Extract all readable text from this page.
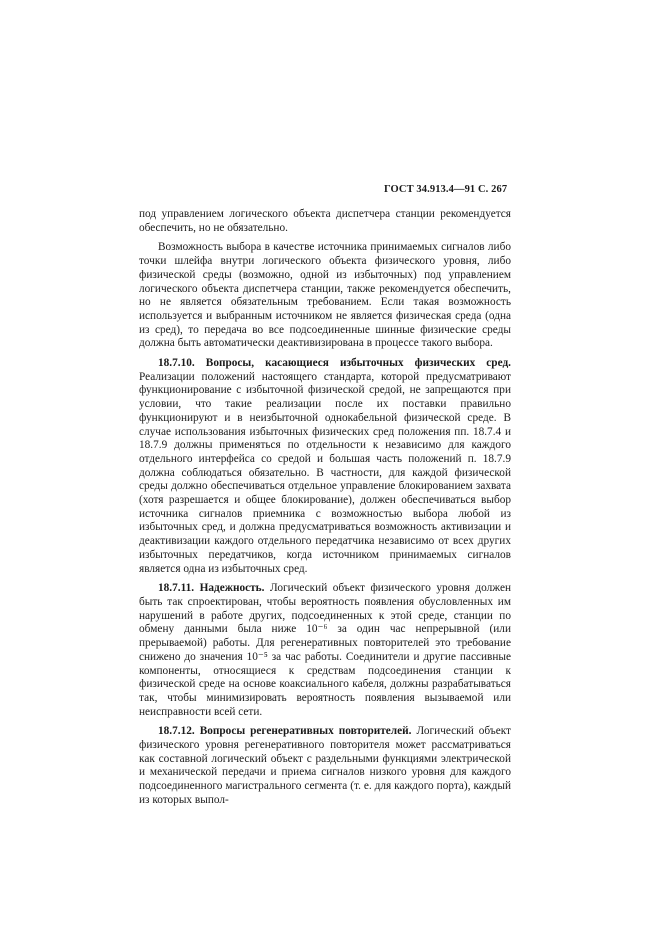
ГОСТ 34.913.4—91 С. 267

под управлением логического объекта диспетчера станции рекомендуется обеспечить, но не обязательно.

Возможность выбора в качестве источника принимаемых сигналов либо точки шлейфа внутри логического объекта физического уровня, либо физической среды (возможно, одной из избыточных) под управлением логического объекта диспетчера станции, также рекомендуется обеспечить, но не является обязательным требованием. Если такая возможность используется и выбранным источником не является физическая среда (одна из сред), то передача во все подсоединенные шинные физические среды должна быть автоматически деактивизирована в процессе такого выбора.

18.7.10. Вопросы, касающиеся избыточных физических сред. Реализации положений настоящего стандарта, которой предусматривают функционирование с избыточной физической средой, не запрещаются при условии, что такие реализации после их поставки правильно функционируют и в неизбыточной однокабельной физической среде. В случае использования избыточных физических сред положения пп. 18.7.4 и 18.7.9 должны применяться по отдельности к независимо для каждого отдельного интерфейса со средой и большая часть положений п. 18.7.9 должна соблюдаться обязательно. В частности, для каждой физической среды должно обеспечиваться отдельное управление блокированием захвата (хотя разрешается и общее блокирование), должен обеспечиваться выбор источника сигналов приемника с возможностью выбора любой из избыточных сред, и должна предусматриваться возможность активизации и деактивизации каждого отдельного передатчика независимо от всех других избыточных передатчиков, когда источником принимаемых сигналов является одна из избыточных сред.

18.7.11. Надежность. Логический объект физического уровня должен быть так спроектирован, чтобы вероятность появления обусловленных им нарушений в работе других, подсоединенных к этой среде, станции по обмену данными была ниже 10⁻⁶ за один час непрерывной (или прерываемой) работы. Для регенеративных повторителей это требование снижено до значения 10⁻⁵ за час работы. Соединители и другие пассивные компоненты, относящиеся к средствам подсоединения станции к физической среде на основе коаксиального кабеля, должны разрабатываться так, чтобы минимизировать вероятность появления вызываемой или неисправности всей сети.

18.7.12. Вопросы регенеративных повторителей. Логический объект физического уровня регенеративного повторителя может рассматриваться как составной логический объект с раздельными функциями электрической и механической передачи и приема сигналов низкого уровня для каждого подсоединенного магистрального сегмента (т. е. для каждого порта), каждый из которых выпол-
